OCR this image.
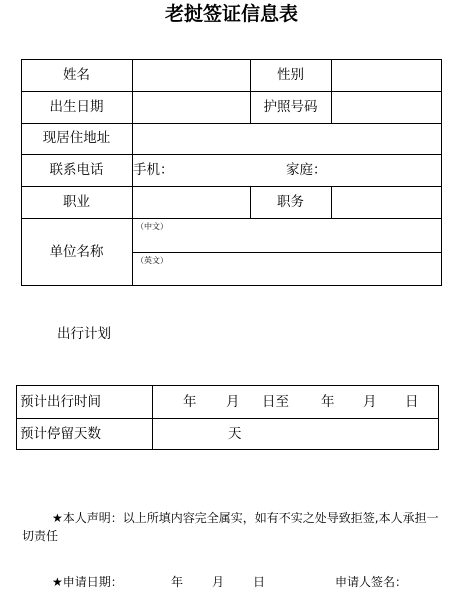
老挝签证信息表
姓名	性别
出生日期	护照号码
现居住地址
联系电话	手机：	家庭：
职业	职务
单位名称
（中文）
（英文）
出行计划
预计出行时间	年 月 日至 年 月 日
预计停留天数	天
★本人声明：以上所填内容完全属实，如有不实之处导致拒签,本人承担一切责任
★申请日期：	年 月 日	申请人签名：
